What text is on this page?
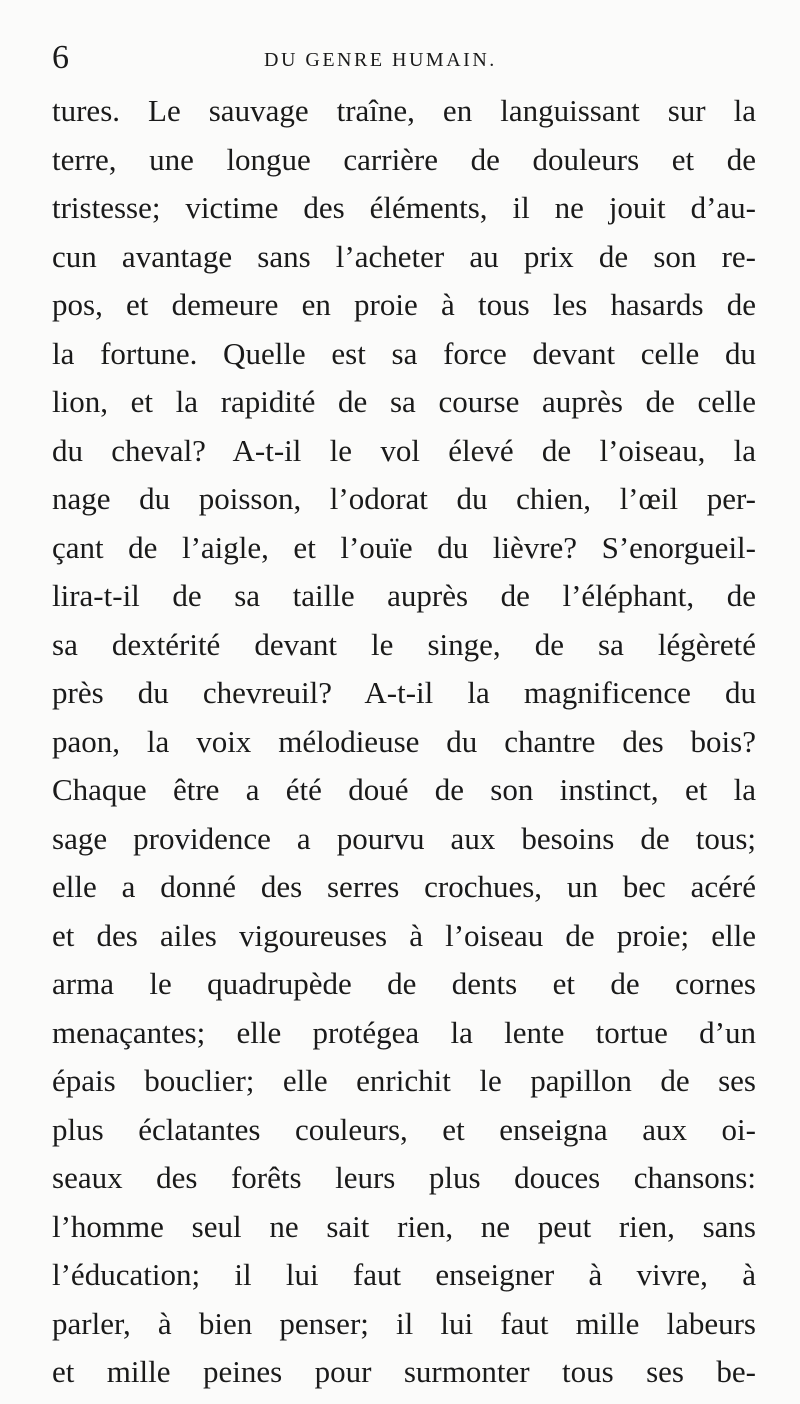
6	DU GENRE HUMAIN.
tures. Le sauvage traîne, en languissant sur la
terre, une longue carrière de douleurs et de
tristesse; victime des éléments, il ne jouit d’au-
cun avantage sans l’acheter au prix de son re-
pos, et demeure en proie à tous les hasards de
la fortune. Quelle est sa force devant celle du
lion, et la rapidité de sa course auprès de celle
du cheval? A-t-il le vol élevé de l’oiseau, la
nage du poisson, l’odorat du chien, l’œil per-
çant de l’aigle, et l’ouïe du lièvre? S’enorgueil-
lira-t-il de sa taille auprès de l’éléphant, de
sa dextérité devant le singe, de sa légèreté
près du chevreuil? A-t-il la magnificence du
paon, la voix mélodieuse du chantre des bois?
Chaque être a été doué de son instinct, et la
sage providence a pourvu aux besoins de tous;
elle a donné des serres crochues, un bec acéré
et des ailes vigoureuses à l’oiseau de proie; elle
arma le quadrupède de dents et de cornes
menaçantes; elle protégea la lente tortue d’un
épais bouclier; elle enrichit le papillon de ses
plus éclatantes couleurs, et enseigna aux oi-
seaux des forêts leurs plus douces chansons:
l’homme seul ne sait rien, ne peut rien, sans
l’éducation; il lui faut enseigner à vivre, à
parler, à bien penser; il lui faut mille labeurs
et mille peines pour surmonter tous ses be-
